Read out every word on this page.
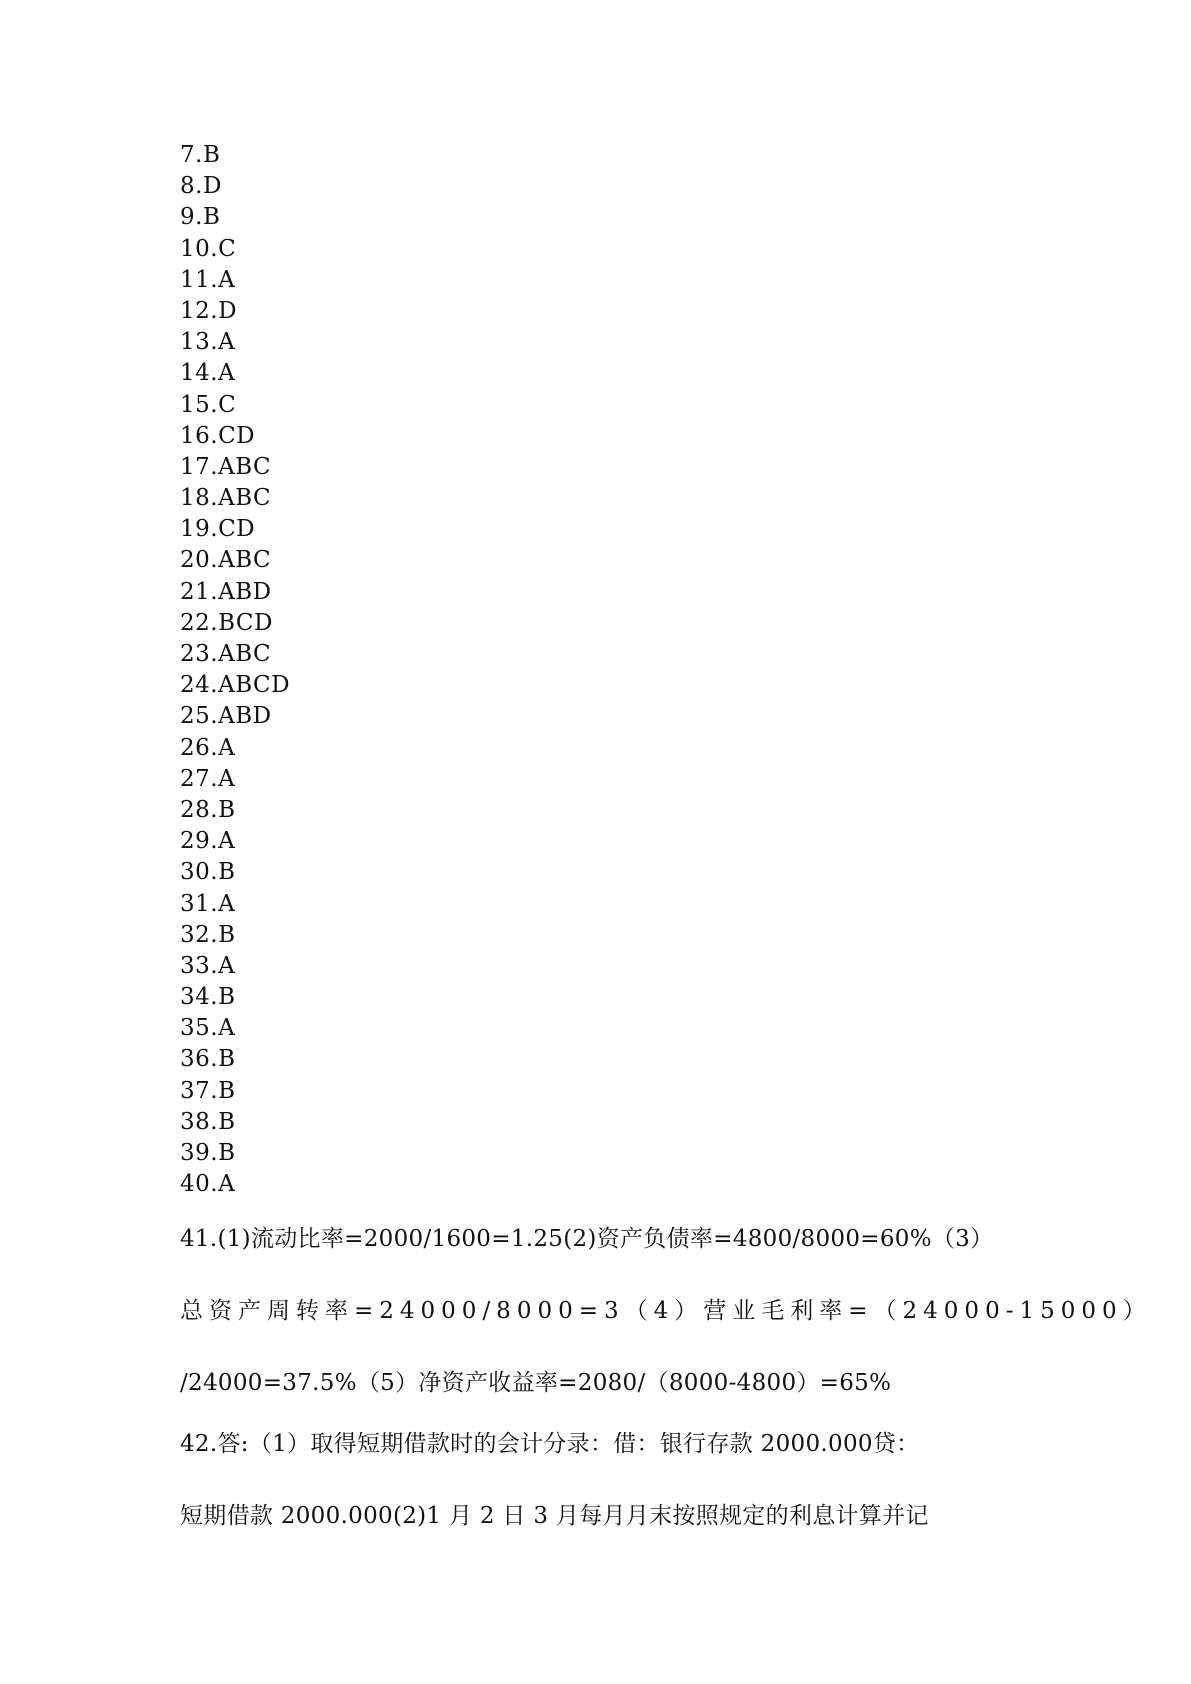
7.B
8.D
9.B
10.C
11.A
12.D
13.A
14.A
15.C
16.CD
17.ABC
18.ABC
19.CD
20.ABC
21.ABD
22.BCD
23.ABC
24.ABCD
25.ABD
26.A
27.A
28.B
29.A
30.B
31.A
32.B
33.A
34.B
35.A
36.B
37.B
38.B
39.B
40.A
41.(1)流动比率=2000/1600=1.25(2)资产负债率=4800/8000=60%（3）
总资产周转率=24000/8000=3（4）营业毛利率=（24000-15000）
/24000=37.5%（5）净资产收益率=2080/（8000-4800）=65%
42.答:（1）取得短期借款时的会计分录：借：银行存款 2000.000贷：
短期借款 2000.000(2)1 月 2 日 3 月每月月末按照规定的利息计算并记
